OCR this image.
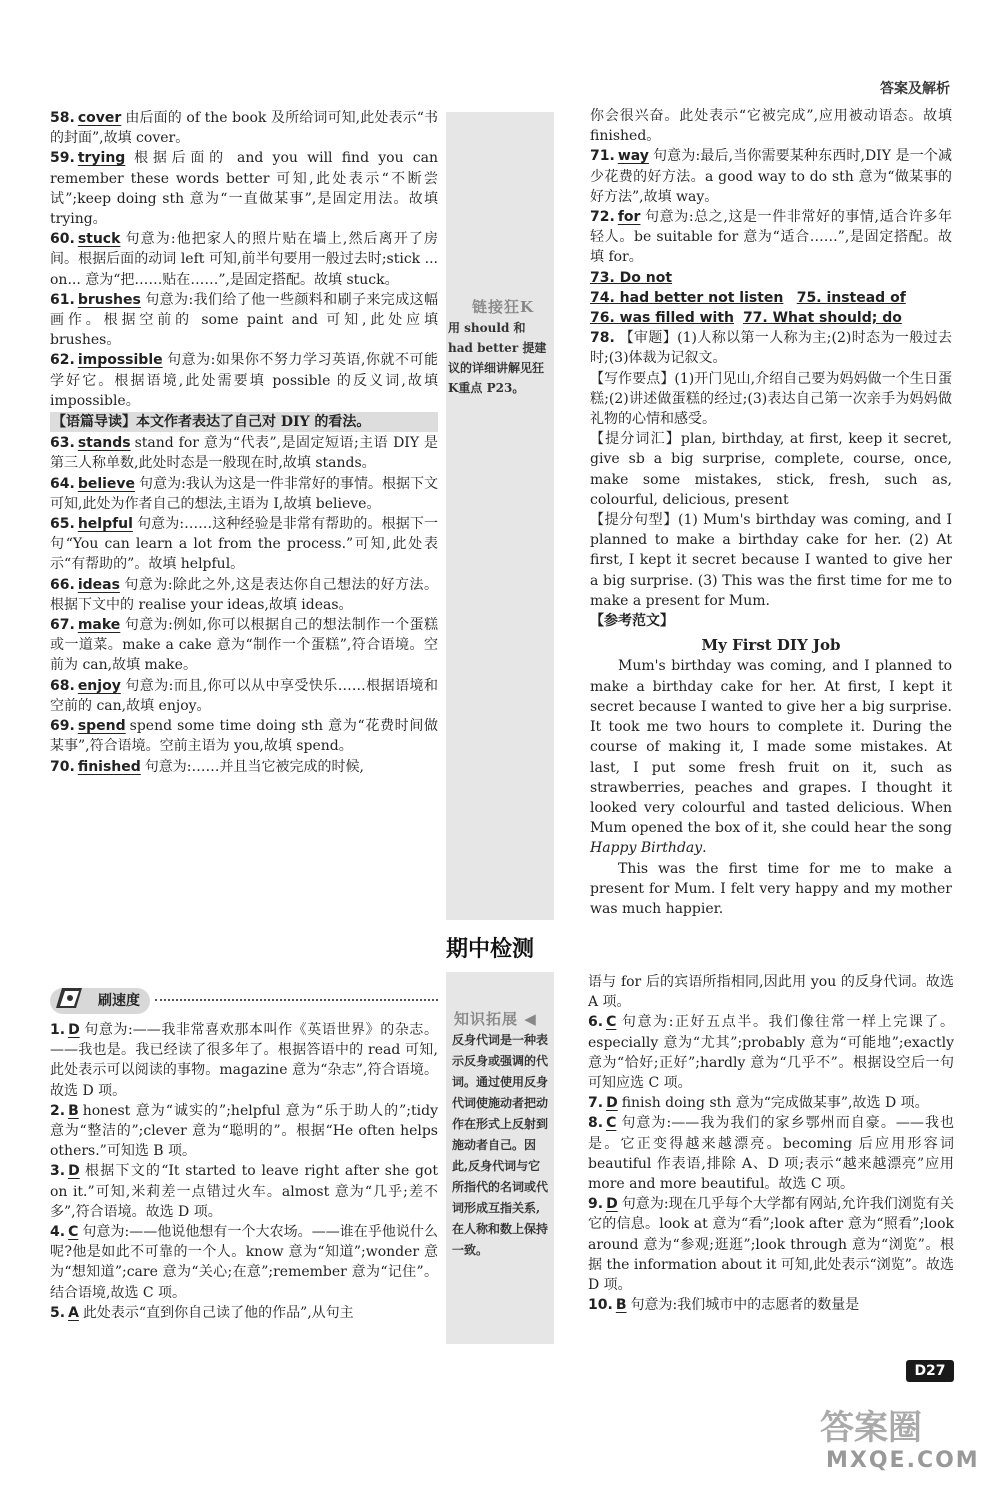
答案及解析
58. cover 由后面的 of the book 及所给词可知,此处表示“书的封面”,故填 cover。
59. trying 根据后面的 and you will find you can remember these words better 可知,此处表示“不断尝试”;keep doing sth 意为“一直做某事”,是固定用法。故填 trying。
60. stuck 句意为:他把家人的照片贴在墙上,然后离开了房间。根据后面的动词 left 可知,前半句要用一般过去时;stick ... on... 意为“把……贴在……”,是固定搭配。故填 stuck。
61. brushes 句意为:我们给了他一些颜料和刷子来完成这幅画作。根据空前的 some paint and 可知,此处应填 brushes。
62. impossible 句意为:如果你不努力学习英语,你就不可能学好它。根据语境,此处需要填 possible 的反义词,故填 impossible。
【语篇导读】本文作者表达了自己对 DIY 的看法。
63. stands stand for 意为“代表”,是固定短语;主语 DIY 是第三人称单数,此处时态是一般现在时,故填 stands。
64. believe 句意为:我认为这是一件非常好的事情。根据下文可知,此处为作者自己的想法,主语为 I,故填 believe。
65. helpful 句意为:……这种经验是非常有帮助的。根据下一句“You can learn a lot from the process.”可知,此处表示“有帮助的”。故填 helpful。
66. ideas 句意为:除此之外,这是表达你自己想法的好方法。根据下文中的 realise your ideas,故填 ideas。
67. make 句意为:例如,你可以根据自己的想法制作一个蛋糕或一道菜。make a cake 意为“制作一个蛋糕”,符合语境。空前为 can,故填 make。
68. enjoy 句意为:而且,你可以从中享受快乐……根据语境和空前的 can,故填 enjoy。
69. spend spend some time doing sth 意为“花费时间做某事”,符合语境。空前主语为 you,故填 spend。
70. finished 句意为:……并且当它被完成的时候,
链接狂K
用 should 和 had better 提建议的详细讲解见狂K重点 P23。
你会很兴奋。此处表示“它被完成”,应用被动语态。故填 finished。
71. way 句意为:最后,当你需要某种东西时,DIY 是一个减少花费的好方法。a good way to do sth 意为“做某事的好方法”,故填 way。
72. for 句意为:总之,这是一件非常好的事情,适合许多年轻人。be suitable for 意为“适合……”,是固定搭配。故填 for。
73. Do not
74. had better not listen 75. instead of
76. was filled with 77. What should; do
78. 【审题】(1)人称以第一人称为主;(2)时态为一般过去时;(3)体裁为记叙文。
【写作要点】(1)开门见山,介绍自己要为妈妈做一个生日蛋糕;(2)讲述做蛋糕的经过;(3)表达自己第一次亲手为妈妈做礼物的心情和感受。
【提分词汇】plan, birthday, at first, keep it secret, give sb a big surprise, complete, course, once, make some mistakes, stick, fresh, such as, colourful, delicious, present
【提分句型】(1) Mum's birthday was coming, and I planned to make a birthday cake for her. (2) At first, I kept it secret because I wanted to give her a big surprise. (3) This was the first time for me to make a present for Mum.
【参考范文】
My First DIY Job
Mum's birthday was coming, and I planned to make a birthday cake for her. At first, I kept it secret because I wanted to give her a big surprise. It took me two hours to complete it. During the course of making it, I made some mistakes. At last, I put some fresh fruit on it, such as strawberries, peaches and grapes. I thought it looked very colourful and tasted delicious. When Mum opened the box of it, she could hear the song Happy Birthday.
This was the first time for me to make a present for Mum. I felt very happy and my mother was much happier.
期中检测
刷速度
1. D 句意为:——我非常喜欢那本叫作《英语世界》的杂志。——我也是。我已经读了很多年了。根据答语中的 read 可知,此处表示可以阅读的事物。magazine 意为“杂志”,符合语境。故选 D 项。
2. B honest 意为“诚实的”;helpful 意为“乐于助人的”;tidy 意为“整洁的”;clever 意为“聪明的”。根据“He often helps others.”可知选 B 项。
3. D 根据下文的“It started to leave right after she got on it.”可知,米莉差一点错过火车。almost 意为“几乎;差不多”,符合语境。故选 D 项。
4. C 句意为:——他说他想有一个大农场。——谁在乎他说什么呢?他是如此不可靠的一个人。know 意为“知道”;wonder 意为“想知道”;care 意为“关心;在意”;remember 意为“记住”。结合语境,故选 C 项。
5. A 此处表示“直到你自己读了他的作品”,从句主
知识拓展 ◀
反身代词是一种表示反身或强调的代词。通过使用反身代词使施动者把动作在形式上反射到施动者自己。因此,反身代词与它所指代的名词或代词形成互指关系,在人称和数上保持一致。
语与 for 后的宾语所指相同,因此用 you 的反身代词。故选 A 项。
6. C 句意为:正好五点半。我们像往常一样上完课了。especially 意为“尤其”;probably 意为“可能地”;exactly 意为“恰好;正好”;hardly 意为“几乎不”。根据设空后一句可知应选 C 项。
7. D finish doing sth 意为“完成做某事”,故选 D 项。
8. C 句意为:——我为我们的家乡鄂州而自豪。——我也是。它正变得越来越漂亮。becoming 后应用形容词 beautiful 作表语,排除 A、D 项;表示“越来越漂亮”应用 more and more beautiful。故选 C 项。
9. D 句意为:现在几乎每个大学都有网站,允许我们浏览有关它的信息。look at 意为“看”;look after 意为“照看”;look around 意为“参观;逛逛”;look through 意为“浏览”。根据 the information about it 可知,此处表示“浏览”。故选 D 项。
10. B 句意为:我们城市中的志愿者的数量是
D27
答案圈
MXQE.COM
